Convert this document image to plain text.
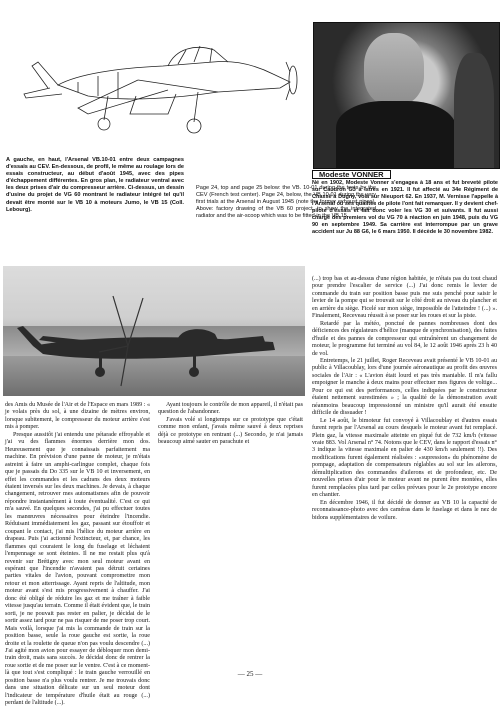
A gauche, en haut, l'Arsenal VB.10-01 entre deux campagnes d'essais au CEV. En-dessous, de profil, le même au roulage lors de essais constructeur, au début d'août 1945, avec des pipes d'échappement différentes. En gros plan, le radiateur ventral avec les deux prises d'air du compresseur arrière. Ci-dessus, un dessin d'usine du projet de VG 60 montrant le radiateur intégré tel qu'il devait être monté sur le VB 10 à moteurs Jumo, le VB 15 (Coll. Lebourg).
Page 24, top and page 25 below: the VB. 10-01 during the tests by the CEV (French test center). Page 24, below, the VB.10-01 during the very first trials at the Arsenal in August 1945 (note the former exhaust pipes). Above: factory drawing of the VB 60 project, to show the integrated radiator and the air-scoop which was to be fitted in the VB.15.
Modeste VONNER
Né en 1902, Modeste Vonner s'engagea à 18 ans et fut breveté pilote sur Caudron G3 à Istres en 1921. Il fut affecté au 34e Régiment de Chasse à Dugny, vola sur Nieuport 62. En 1937, M. Vernisse l'appelle à l'Arsenal où ses qualités de pilote l'ont fait remarquer. Il y devient chef-pilote d'essais et fait donc voler les VG 30 et suivants. Il fut aussi chargé des premiers vol du VG 70 à réaction en juin 1948, puis du VG 90 en septembre 1949. Sa carrière est interrompue par un grave accident sur Ju 88 G6, le 6 mars 1950. Il décède le 30 novembre 1982.

des Amis du Musée de l'Air et de l'Espace en mars 1989 : « je volais près du sol, à une dizaine de mètres environ, lorsque subitement, le compresseur du moteur arrière s'est mis à pomper.

Presque aussitôt j'ai entendu une pétarade effroyable et j'ai vu des flammes énormes derrière mon dos. Heureusement que je connaissais parfaitement ma machine. En prévision d'une panne de moteur, je m'étais astreint à faire un amphi-carlingue complet, chaque fois que je passais du Do 335 sur le VB 10 et inversement, en effet les commandes et les cadrans des deux moteurs étaient inversés sur les deux machines. Je devais, à chaque changement, retrouver mes automatismes afin de pouvoir répondre instantanément à toute éventualité. C'est ce qui m'a sauvé. En quelques secondes, j'ai pu effectuer toutes les manœuvres nécessaires pour éteindre l'incendie. Réduisant immédiatement les gaz, passant sur étouffoir et coupant le contact, j'ai mis l'hélice du moteur arrière en drapeau. Puis j'ai actionné l'extincteur, et, par chance, les flammes qui couraient le long du fuselage et léchaient l'empennage se sont éteintes. Il ne me restait plus qu'à revenir sur Brétigny avec mon seul moteur avant en espérant que l'incendie n'avaient pas détruit certaines parties vitales de l'avion, pouvant compromettre mon retour et mon atterrissage. Ayant repris de l'altitude, mon moteur avant s'est mis progressivement à chauffer. J'ai donc été obligé de réduire les gaz et me traîner à faible vitesse jusqu'au terrain. Comme il était évident que, le train sorti, je ne pouvait pas rester en palier, je décidai de le sortir assez tard pour ne pas risquer de me poser trop court. Mais voilà, lorsque j'ai mis la commande de train sur la position basse, seule la roue gauche est sortie, la roue droite et la roulette de queue n'on pas voulu descendre (...) J'ai agité mon avion pour essayer de débloquer mon demi-train droit, mais sans succès. Je décidai donc de rentrer la roue sortie et de me poser sur le ventre. C'est à ce moment-là que tout s'est compliqué : le train gauche verrouillé en position basse n'a plus voulu rentrer. Je me trouvais donc dans une situation délicate sur un seul moteur dont l'indicateur de température d'huile était au rouge (...) perdant de l'altitude (...).

Ayant toujours le contrôle de mon appareil, il n'était pas question de l'abandonner.

J'avais volé si longtemps sur ce prototype que c'était comme mon enfant, j'avais même sauvé à deux reprises déjà ce prototype en rentrant (...) Secondo, je n'ai jamais beaucoup aimé sauter en parachute et

(...) trop bas et au-dessus d'une région habitée, je n'étais pas du tout chaud pour prendre l'escalier de service (...) J'ai donc remis le levier de commande du train sur position basse puis me suis penché pour saisir le levier de la pompe qui se trouvait sur le côté droit au niveau du plancher et en arrière du siège. Ficelé sur mon siège, impossible de l'atteindre ! (...) ». Finalement, Receveau réussit à se poser sur les roues et sur la piste.

Retardé par la météo, ponctué de pannes nombreuses dont des déficiences des régulateurs d'hélice (manque de synchronisation), des fuites d'huile et des pannes de compresseur qui entraînèrent un changement de moteur, le programme fut terminé au vol 84, le 12 août 1946 après 23 h 40 de vol.

Entretemps, le 21 juillet, Roger Receveau avait présenté le VB 10-01 au public à Villacoublay, lors d'une journée aéronautique au profit des œuvres sociales de l'Air : « L'avion était lourd et pas très maniable. Il m'a fallu empoigner le manche à deux mains pour effectuer mes figures de voltige... Pour ce qui est des performances, celles indiquées par le constructeur étaient nettement surestimées » ; la qualité de la démonstration avait néanmoins beaucoup impressionné un ministre qu'il aurait été ensuite difficile de dissuader !

Le 14 août, le bimoteur fut convoyé à Villacoublay et d'autres essais furent repris par l'Arsenal au cours desquels le moteur avant fut remplacé. Plein gaz, la vitesse maximale atteinte en piqué fut de 732 km/h (vitesse vraie 883. Vol Arsenal n° 74. Notons que le CEV, dans le rapport d'essais n° 3 indique la vitesse maximale en palier de 430 km/h seulement !!). Des modifications furent également réalisées : «supression» du phénomène de pompage, adaptation de compensateurs réglables au sol sur les ailerons, démultiplication des commandes d'ailerons et de profondeur, etc. De nouvelles prises d'air pour le moteur avant ne purent être montées, elles furent remplacées plus tard par celles prévues pour le 2e prototype encore en chantier.

En décembre 1946, il fut décidé de donner au VB 10 la capacité de reconnaissance-photo avec des caméras dans le fuselage et dans le nez de bidons supplémentaires de voilure.

— 25 —
